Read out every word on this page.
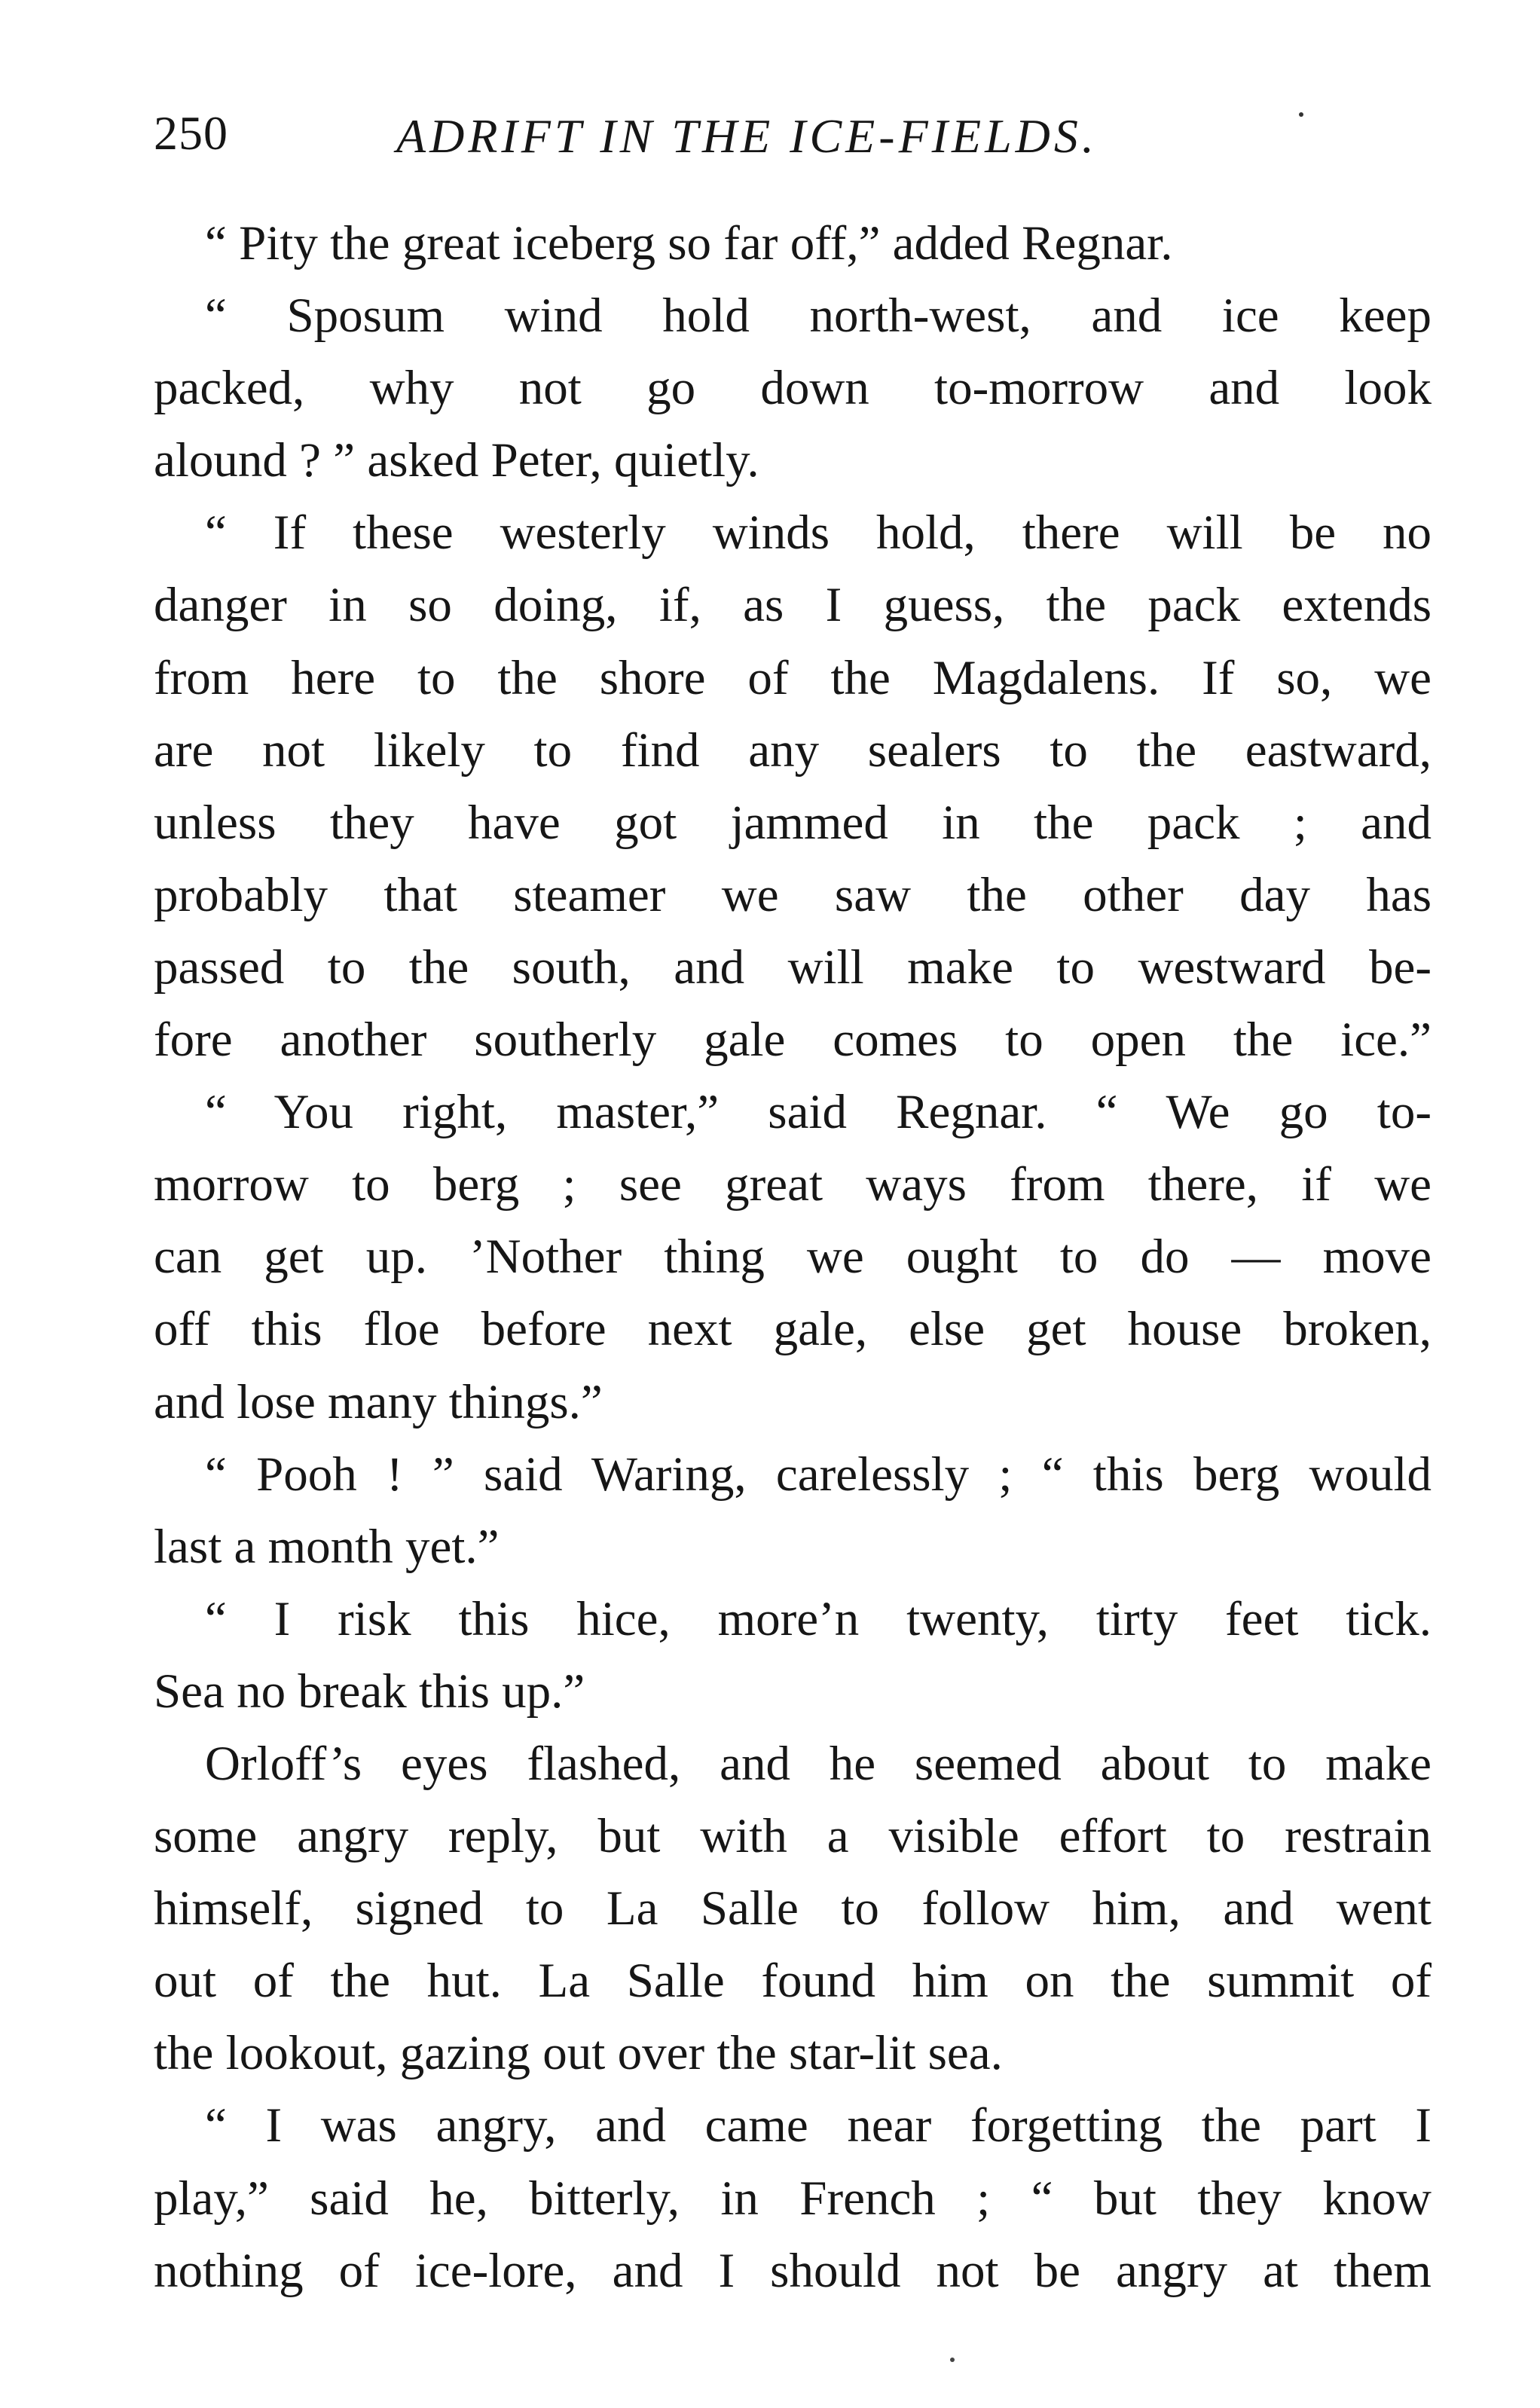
250	ADRIFT IN THE ICE-FIELDS.
“ Pity the great iceberg so far off,” added Regnar.
“ Sposum wind hold north-west, and ice keep
packed, why not go down to-morrow and look
alound ? ” asked Peter, quietly.
“ If these westerly winds hold, there will be no
danger in so doing, if, as I guess, the pack extends
from here to the shore of the Magdalens. If so, we
are not likely to find any sealers to the eastward,
unless they have got jammed in the pack ; and
probably that steamer we saw the other day has
passed to the south, and will make to westward be-
fore another southerly gale comes to open the ice.”
“ You right, master,” said Regnar. “ We go to-
morrow to berg ; see great ways from there, if we
can get up. ’Nother thing we ought to do — move
off this floe before next gale, else get house broken,
and lose many things.”
“ Pooh ! ” said Waring, carelessly ; “ this berg would
last a month yet.”
“ I risk this hice, more’n twenty, tirty feet tick.
Sea no break this up.”
Orloff’s eyes flashed, and he seemed about to make
some angry reply, but with a visible effort to restrain
himself, signed to La Salle to follow him, and went
out of the hut. La Salle found him on the summit of
the lookout, gazing out over the star-lit sea.
“ I was angry, and came near forgetting the part I
play,” said he, bitterly, in French ; “ but they know
nothing of ice-lore, and I should not be angry at them
